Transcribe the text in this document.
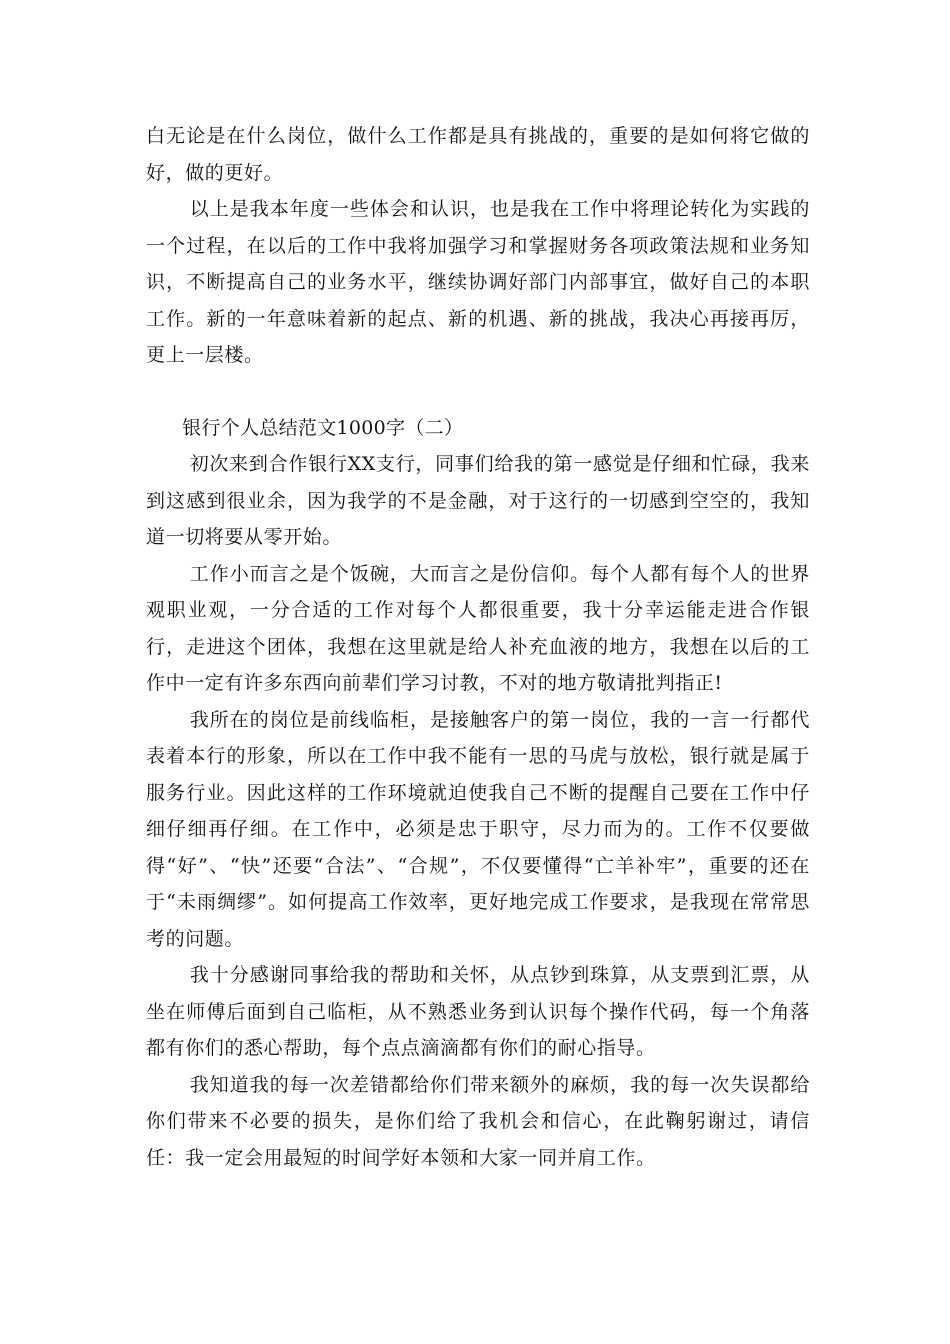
白无论是在什么岗位，做什么工作都是具有挑战的，重要的是如何将它做的好，做的更好。

以上是我本年度一些体会和认识，也是我在工作中将理论转化为实践的一个过程，在以后的工作中我将加强学习和掌握财务各项政策法规和业务知识，不断提高自己的业务水平，继续协调好部门内部事宜，做好自己的本职工作。新的一年意味着新的起点、新的机遇、新的挑战，我决心再接再厉，更上一层楼。

银行个人总结范文1000字（二）

初次来到合作银行XX支行，同事们给我的第一感觉是仔细和忙碌，我来到这感到很业余，因为我学的不是金融，对于这行的一切感到空空的，我知道一切将要从零开始。

工作小而言之是个饭碗，大而言之是份信仰。每个人都有每个人的世界观职业观，一分合适的工作对每个人都很重要，我十分幸运能走进合作银行，走进这个团体，我想在这里就是给人补充血液的地方，我想在以后的工作中一定有许多东西向前辈们学习讨教，不对的地方敬请批判指正!

我所在的岗位是前线临柜，是接触客户的第一岗位，我的一言一行都代表着本行的形象，所以在工作中我不能有一思的马虎与放松，银行就是属于服务行业。因此这样的工作环境就迫使我自己不断的提醒自己要在工作中仔细仔细再仔细。在工作中，必须是忠于职守，尽力而为的。工作不仅要做得“好”、“快”还要“合法”、“合规”，不仅要懂得“亡羊补牢”，重要的还在于“未雨绸缪”。如何提高工作效率，更好地完成工作要求，是我现在常常思考的问题。

我十分感谢同事给我的帮助和关怀，从点钞到珠算，从支票到汇票，从坐在师傅后面到自己临柜，从不熟悉业务到认识每个操作代码，每一个角落都有你们的悉心帮助，每个点点滴滴都有你们的耐心指导。

我知道我的每一次差错都给你们带来额外的麻烦，我的每一次失误都给你们带来不必要的损失，是你们给了我机会和信心，在此鞠躬谢过，请信任：我一定会用最短的时间学好本领和大家一同并肩工作。
